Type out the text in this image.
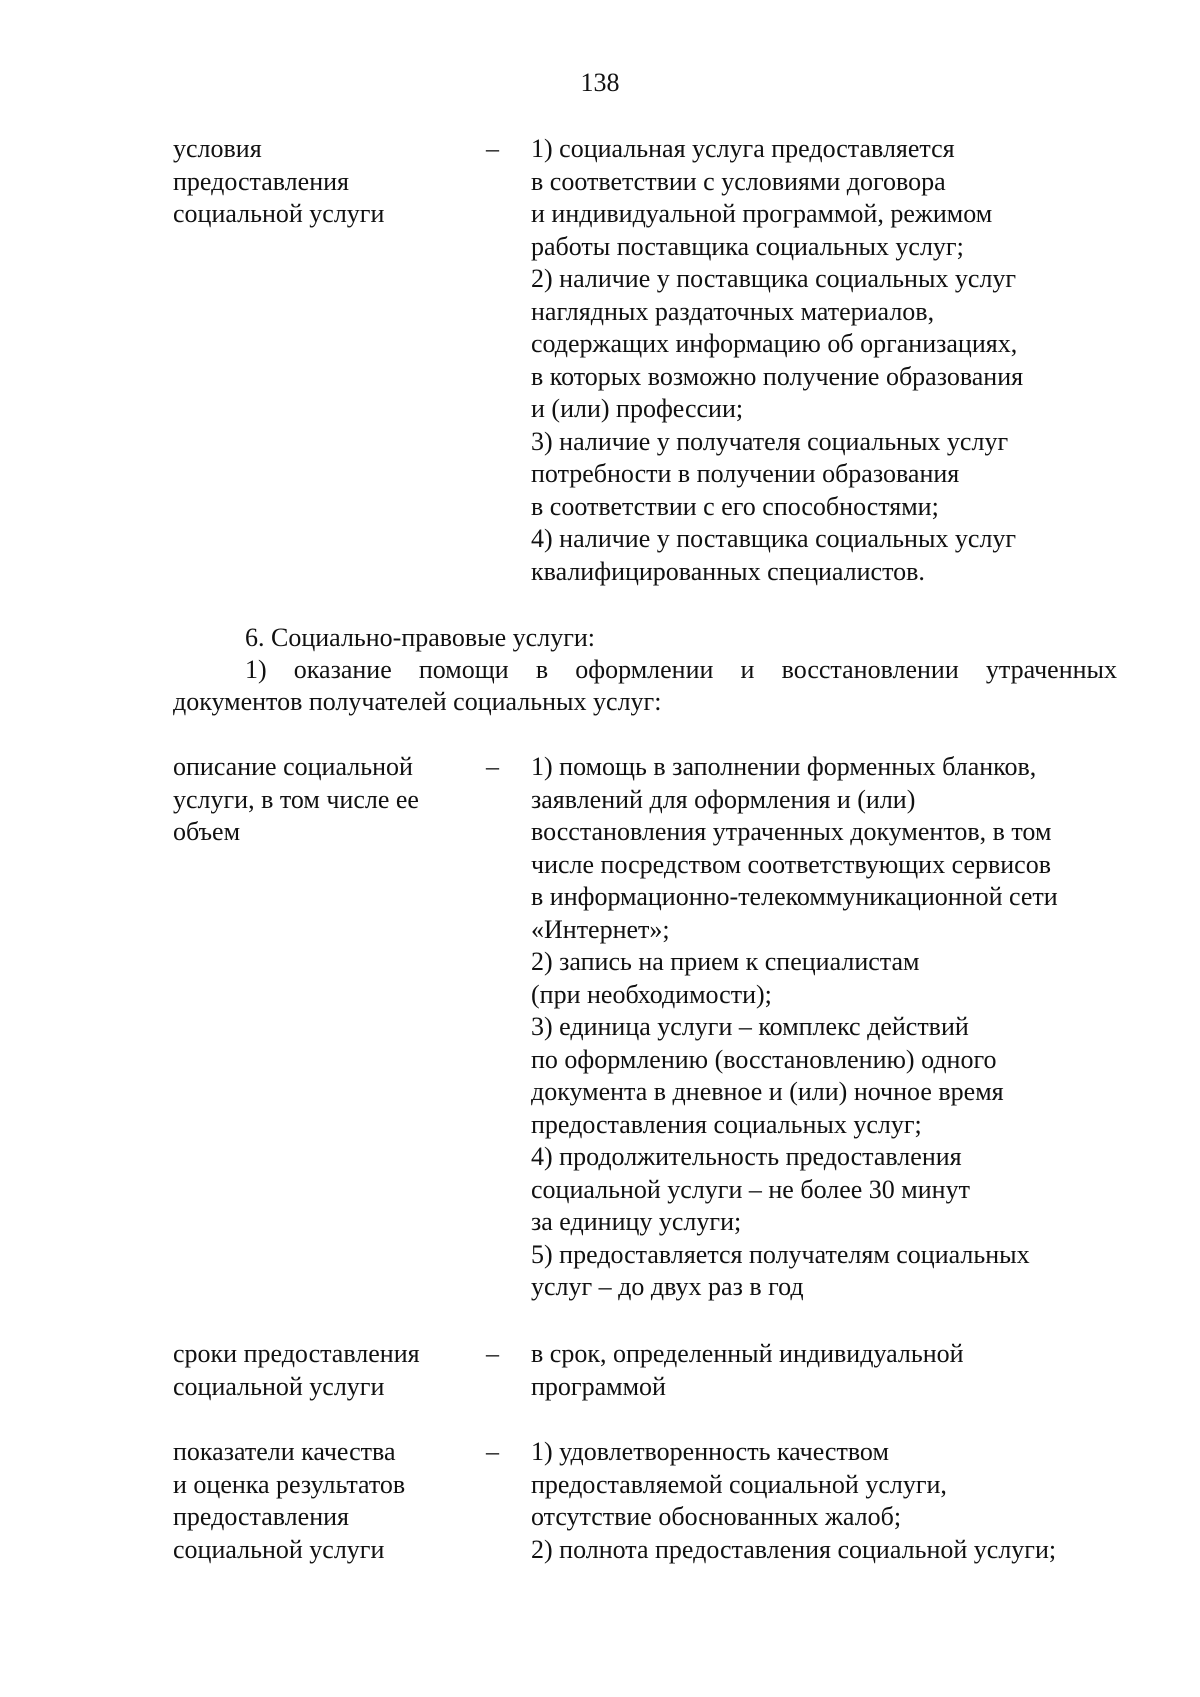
138
условия
предоставления
социальной услуги
– 1) социальная услуга предоставляется
в соответствии с условиями договора
и индивидуальной программой, режимом
работы поставщика социальных услуг;
2) наличие у поставщика социальных услуг
наглядных раздаточных материалов,
содержащих информацию об организациях,
в которых возможно получение образования
и (или) профессии;
3) наличие у получателя социальных услуг
потребности в получении образования
в соответствии с его способностями;
4) наличие у поставщика социальных услуг
квалифицированных специалистов.
6. Социально-правовые услуги:
1) оказание помощи в оформлении и восстановлении утраченных
документов получателей социальных услуг:
описание социальной
услуги, в том числе ее
объем
– 1) помощь в заполнении форменных бланков,
заявлений для оформления и (или)
восстановления утраченных документов, в том
числе посредством соответствующих сервисов
в информационно-телекоммуникационной сети
«Интернет»;
2) запись на прием к специалистам
(при необходимости);
3) единица услуги – комплекс действий
по оформлению (восстановлению) одного
документа в дневное и (или) ночное время
предоставления социальных услуг;
4) продолжительность предоставления
социальной услуги – не более 30 минут
за единицу услуги;
5) предоставляется получателям социальных
услуг – до двух раз в год
сроки предоставления
социальной услуги
– в срок, определенный индивидуальной
программой
показатели качества
и оценка результатов
предоставления
социальной услуги
– 1) удовлетворенность качеством
предоставляемой социальной услуги,
отсутствие обоснованных жалоб;
2) полнота предоставления социальной услуги;
